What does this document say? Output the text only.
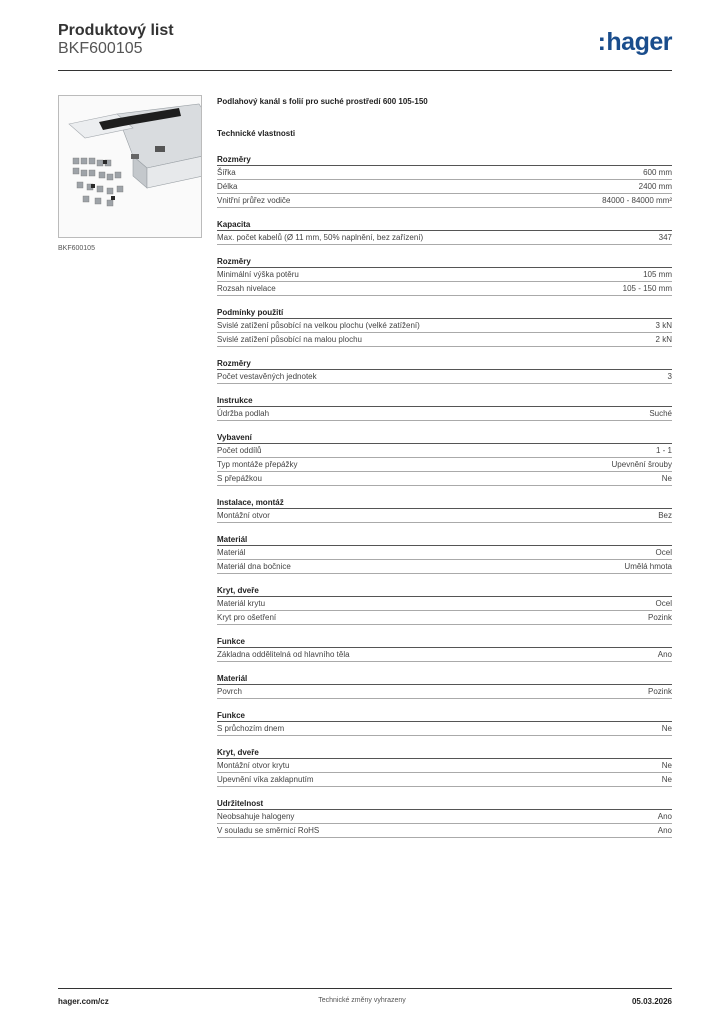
Produktový list
BKF600105	:hager
BKF600105
Podlahový kanál s folií pro suché prostředí 600 105-150
Technické vlastnosti
Rozměry
Šířka	600 mm
Délka	2400 mm
Vnitřní průřez vodiče	84000 - 84000 mm²
Kapacita
Max. počet kabelů (Ø 11 mm, 50% naplnění, bez zařízení)	347
Rozměry
Minimální výška potěru	105 mm
Rozsah nivelace	105 - 150 mm
Podmínky použití
Svislé zatížení působící na velkou plochu (velké zatížení)	3 kN
Svislé zatížení působící na malou plochu	2 kN
Rozměry
Počet vestavěných jednotek	3
Instrukce
Údržba podlah	Suché
Vybavení
Počet oddílů	1 - 1
Typ montáže přepážky	Upevnění šrouby
S přepážkou	Ne
Instalace, montáž
Montážní otvor	Bez
Materiál
Materiál	Ocel
Materiál dna bočnice	Umělá hmota
Kryt, dveře
Materiál krytu	Ocel
Kryt pro ošetření	Pozink
Funkce
Základna oddělitelná od hlavního těla	Ano
Materiál
Povrch	Pozink
Funkce
S průchozím dnem	Ne
Kryt, dveře
Montážní otvor krytu	Ne
Upevnění víka zaklapnutím	Ne
Udržitelnost
Neobsahuje halogeny	Ano
V souladu se směrnicí RoHS	Ano
hager.com/cz	Technické změny vyhrazeny	05.03.2026
